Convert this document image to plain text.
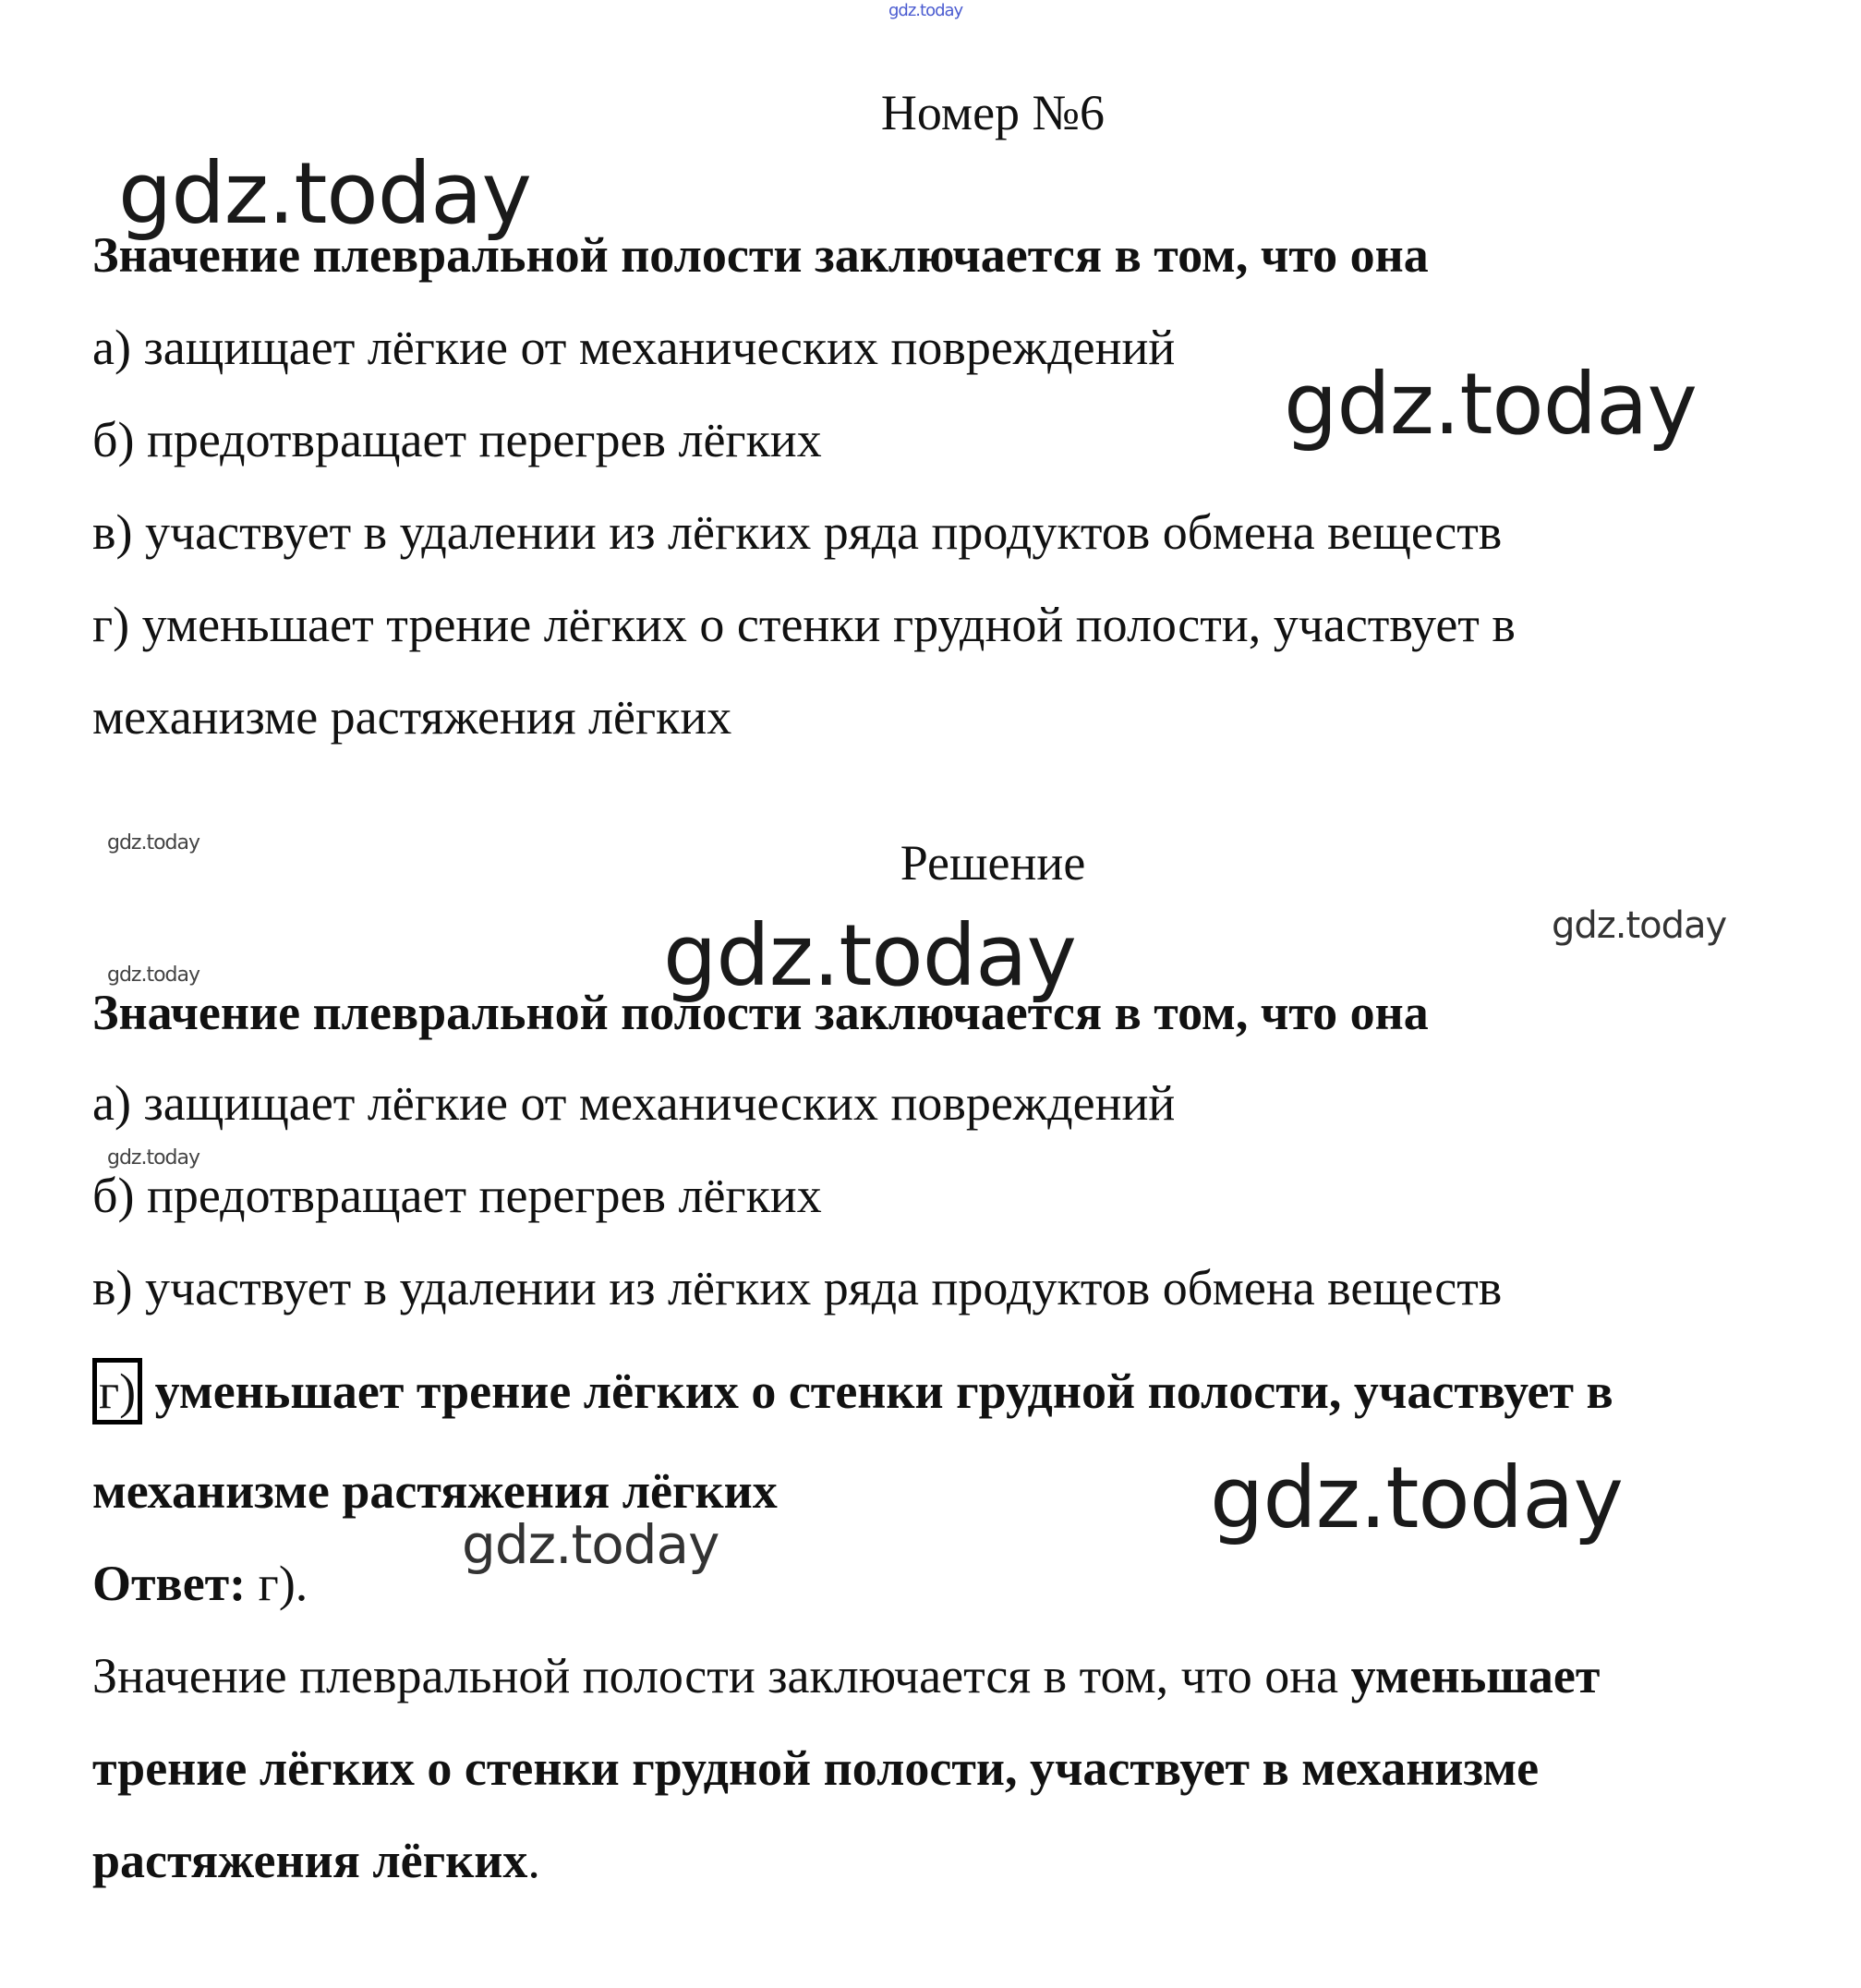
gdz.today
gdz.today
gdz.today
gdz.today
gdz.today	gdz.today
gdz.today
gdz.today
gdz.today
gdz.today
Номер №6
Значение плевральной полости заключается в том, что она
а) защищает лёгкие от механических повреждений
б) предотвращает перегрев лёгких
в) участвует в удалении из лёгких ряда продуктов обмена веществ
г) уменьшает трение лёгких о стенки грудной полости, участвует в
механизме растяжения лёгких
Решение
Значение плевральной полости заключается в том, что она
а) защищает лёгкие от механических повреждений
б) предотвращает перегрев лёгких
в) участвует в удалении из лёгких ряда продуктов обмена веществ
г) уменьшает трение лёгких о стенки грудной полости, участвует в
механизме растяжения лёгких
Ответ: г).
Значение плевральной полости заключается в том, что она уменьшает
трение лёгких о стенки грудной полости, участвует в механизме
растяжения лёгких.
